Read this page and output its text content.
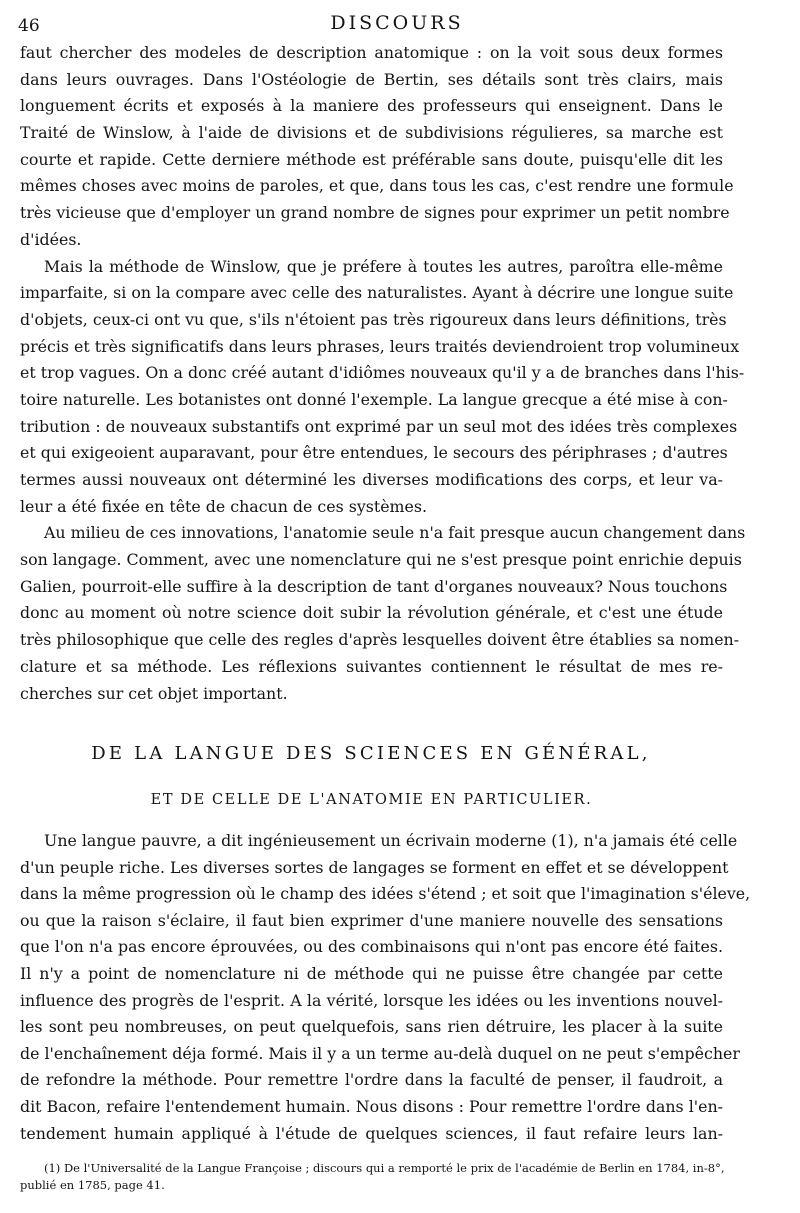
46	DISCOURS
faut chercher des modeles de description anatomique : on la voit sous deux formes
dans leurs ouvrages. Dans l'Ostéologie de Bertin, ses détails sont très clairs, mais
longuement écrits et exposés à la maniere des professeurs qui enseignent. Dans le
Traité de Winslow, à l'aide de divisions et de subdivisions régulieres, sa marche est
courte et rapide. Cette derniere méthode est préférable sans doute, puisqu'elle dit les
mêmes choses avec moins de paroles, et que, dans tous les cas, c'est rendre une formule
très vicieuse que d'employer un grand nombre de signes pour exprimer un petit nombre
d'idées.
Mais la méthode de Winslow, que je préfere à toutes les autres, paroîtra elle-même
imparfaite, si on la compare avec celle des naturalistes. Ayant à décrire une longue suite
d'objets, ceux-ci ont vu que, s'ils n'étoient pas très rigoureux dans leurs définitions, très
précis et très significatifs dans leurs phrases, leurs traités deviendroient trop volumineux
et trop vagues. On a donc créé autant d'idiômes nouveaux qu'il y a de branches dans l'his-
toire naturelle. Les botanistes ont donné l'exemple. La langue grecque a été mise à con-
tribution : de nouveaux substantifs ont exprimé par un seul mot des idées très complexes
et qui exigeoient auparavant, pour être entendues, le secours des périphrases ; d'autres
termes aussi nouveaux ont déterminé les diverses modifications des corps, et leur va-
leur a été fixée en tête de chacun de ces systèmes.
Au milieu de ces innovations, l'anatomie seule n'a fait presque aucun changement dans
son langage. Comment, avec une nomenclature qui ne s'est presque point enrichie depuis
Galien, pourroit-elle suffire à la description de tant d'organes nouveaux? Nous touchons
donc au moment où notre science doit subir la révolution générale, et c'est une étude
très philosophique que celle des regles d'après lesquelles doivent être établies sa nomen-
clature et sa méthode. Les réflexions suivantes contiennent le résultat de mes re-
cherches sur cet objet important.
DE LA LANGUE DES SCIENCES EN GÉNÉRAL,
ET DE CELLE DE L'ANATOMIE EN PARTICULIER.
Une langue pauvre, a dit ingénieusement un écrivain moderne (1), n'a jamais été celle
d'un peuple riche. Les diverses sortes de langages se forment en effet et se développent
dans la même progression où le champ des idées s'étend ; et soit que l'imagination s'éleve,
ou que la raison s'éclaire, il faut bien exprimer d'une maniere nouvelle des sensations
que l'on n'a pas encore éprouvées, ou des combinaisons qui n'ont pas encore été faites.
Il n'y a point de nomenclature ni de méthode qui ne puisse être changée par cette
influence des progrès de l'esprit. A la vérité, lorsque les idées ou les inventions nouvel-
les sont peu nombreuses, on peut quelquefois, sans rien détruire, les placer à la suite
de l'enchaînement déja formé. Mais il y a un terme au-delà duquel on ne peut s'empêcher
de refondre la méthode. Pour remettre l'ordre dans la faculté de penser, il faudroit, a
dit Bacon, refaire l'entendement humain. Nous disons : Pour remettre l'ordre dans l'en-
tendement humain appliqué à l'étude de quelques sciences, il faut refaire leurs lan-
(1) De l'Universalité de la Langue Françoise ; discours qui a remporté le prix de l'académie de Berlin en 1784, in-8°,
publié en 1785, page 41.
